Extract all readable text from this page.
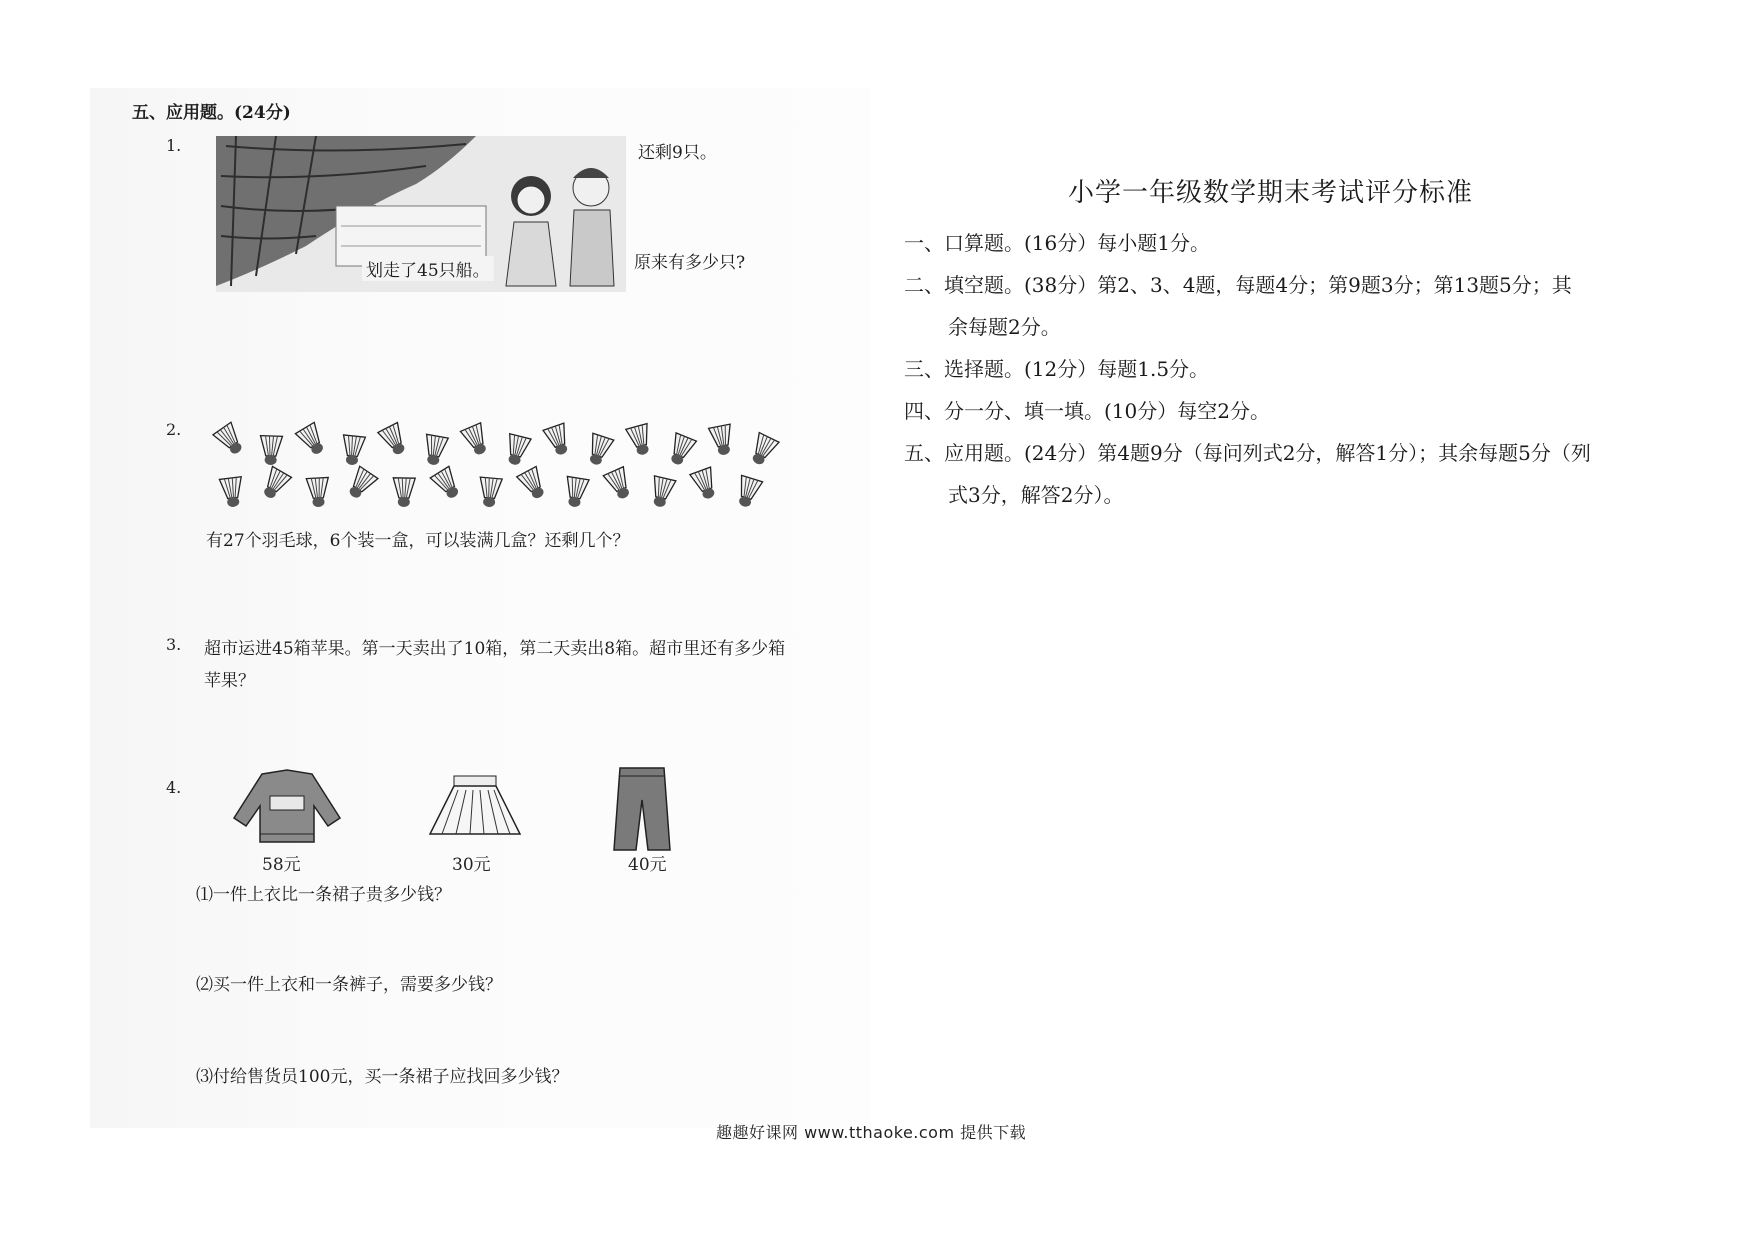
五、应用题。(24分)
1.	还剩9只。
划走了45只船。	原来有多少只?
2.
有27个羽毛球，6个装一盒，可以装满几盒？还剩几个？
3. 超市运进45箱苹果。第一天卖出了10箱，第二天卖出8箱。超市里还有多少箱
苹果？
4.
58元	30元	40元
⑴一件上衣比一条裙子贵多少钱？
⑵买一件上衣和一条裤子，需要多少钱？
⑶付给售货员100元，买一条裙子应找回多少钱？
小学一年级数学期末考试评分标准
一、口算题。(16分）每小题1分。
二、填空题。(38分）第2、3、4题，每题4分；第9题3分；第13题5分；其
余每题2分。
三、选择题。(12分）每题1.5分。
四、分一分、填一填。(10分）每空2分。
五、应用题。(24分）第4题9分（每问列式2分，解答1分）；其余每题5分（列
式3分，解答2分）。
趣趣好课网 www.tthaoke.com 提供下载
